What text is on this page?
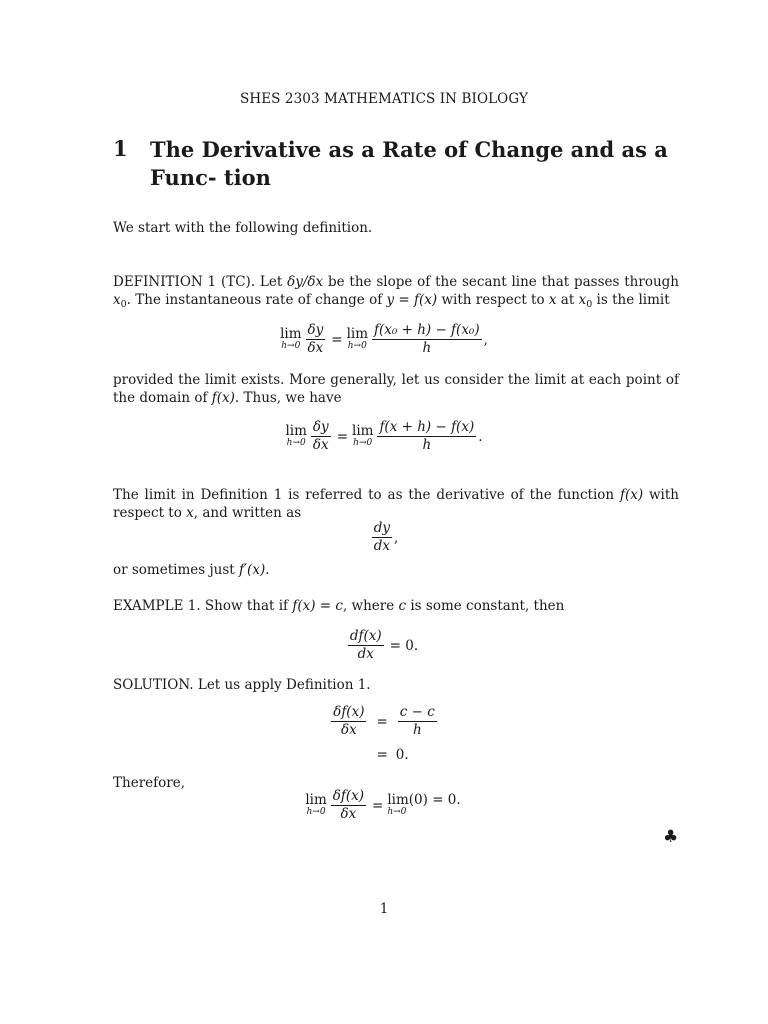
SHES 2303 MATHEMATICS IN BIOLOGY
1 The Derivative as a Rate of Change and as a Func- tion
We start with the following definition.
DEFINITION 1 (TC). Let δy/δx be the slope of the secant line that passes through $x_0$. The instantaneous rate of change of y = f(x) with respect to x at $x_0$ is the limit
lim
$h\to 0 \frac{\delta y}{\delta x} = \lim$
$h\to 0 \frac{\text{f(x₀ + h) − f(x₀)}}{h}$ ,
provided the limit exists. More generally, let us consider the limit at each point of the domain of f(x). Thus, we have
lim
$h\to 0 \frac{\delta y}{\delta x} = \lim$
$h\to 0 \frac{f(x + h) - f(x)}{h}$ .
The limit in Definition 1 is referred to as the derivative of the function f(x) with respect to x, and written as
$\frac{dy}{dx}$ ,
or sometimes just f′(x).
EXAMPLE 1. Show that if f(x) = c, where c is some constant, then
$\frac{df(x)}{dx} = 0$.
SOLUTION. Let us apply Definition 1.
$\frac{\delta f(x)}{\delta x}$	=	$\frac{c - c}{h}$

	=	0.
Therefore,
lim
$h\to 0 \frac{\delta f(x)}{\delta x} = \lim(0) = 0$.
h→0
♣
1
